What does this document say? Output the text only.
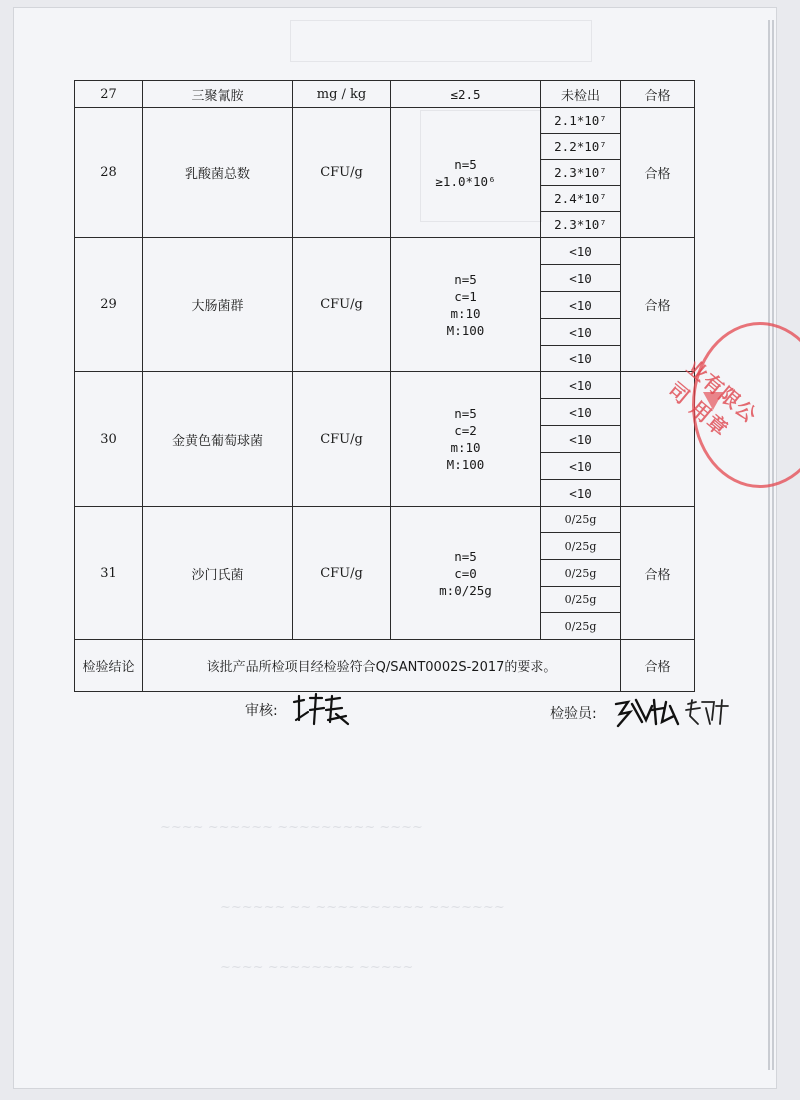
~~~~ ~~~~~~ ~~~~~~~~~ ~~~~
~~~~~~ ~~ ~~~~~~~~~~ ~~~~~~~
~~~~ ~~~~~~~~ ~~~~~
27	三聚氰胺	mg / kg	≤2.5	未检出	合格
28	乳酸菌总数	CFU/g	n=5
≥1.0*10⁶	2.1*10⁷	合格
				2.2*10⁷	
				2.3*10⁷	
				2.4*10⁷	
				2.3*10⁷	
29	大肠菌群	CFU/g	n=5
c=1
m:10
M:100	<10	合格
				<10	
				<10	
				<10	
				<10	
30	金黄色葡萄球菌	CFU/g	n=5
c=2
m:10
M:100	<10	
				<10	
				<10	
				<10	
				<10	
31	沙门氏菌	CFU/g	n=5
c=0
m:0/25g	0/25g	合格
				0/25g	
				0/25g	
				0/25g	
				0/25g	
检验结论	该批产品所检项目经检验符合Q/SANT0002S-2017的要求。				合格
业有限公司 用章
审核:	检验员:
